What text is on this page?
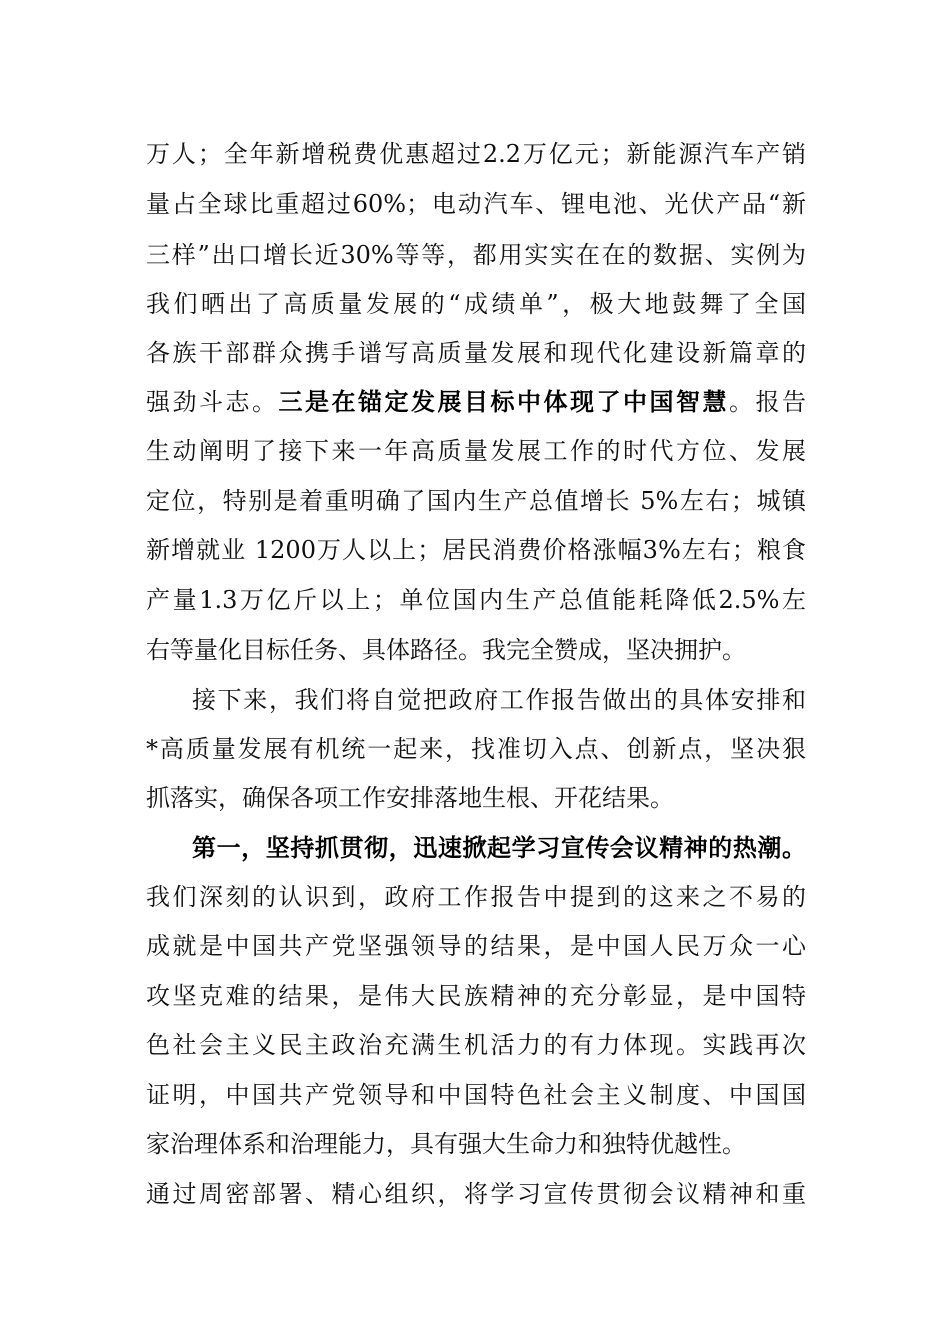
万人；全年新增税费优惠超过2.2万亿元；新能源汽车产销
量占全球比重超过60%；电动汽车、锂电池、光伏产品“新
三样”出口增长近30%等等，都用实实在在的数据、实例为
我们晒出了高质量发展的“成绩单”，极大地鼓舞了全国
各族干部群众携手谱写高质量发展和现代化建设新篇章的
强劲斗志。三是在锚定发展目标中体现了中国智慧。报告
生动阐明了接下来一年高质量发展工作的时代方位、发展
定位，特别是着重明确了国内生产总值增长 5%左右；城镇
新增就业 1200万人以上；居民消费价格涨幅3%左右；粮食
产量1.3万亿斤以上；单位国内生产总值能耗降低2.5%左
右等量化目标任务、具体路径。我完全赞成，坚决拥护。
接下来，我们将自觉把政府工作报告做出的具体安排和
*高质量发展有机统一起来，找准切入点、创新点，坚决狠
抓落实，确保各项工作安排落地生根、开花结果。
第一，坚持抓贯彻，迅速掀起学习宣传会议精神的热潮。
我们深刻的认识到，政府工作报告中提到的这来之不易的
成就是中国共产党坚强领导的结果，是中国人民万众一心
攻坚克难的结果，是伟大民族精神的充分彰显，是中国特
色社会主义民主政治充满生机活力的有力体现。实践再次
证明，中国共产党领导和中国特色社会主义制度、中国国
家治理体系和治理能力，具有强大生命力和独特优越性。
通过周密部署、精心组织，将学习宣传贯彻会议精神和重
